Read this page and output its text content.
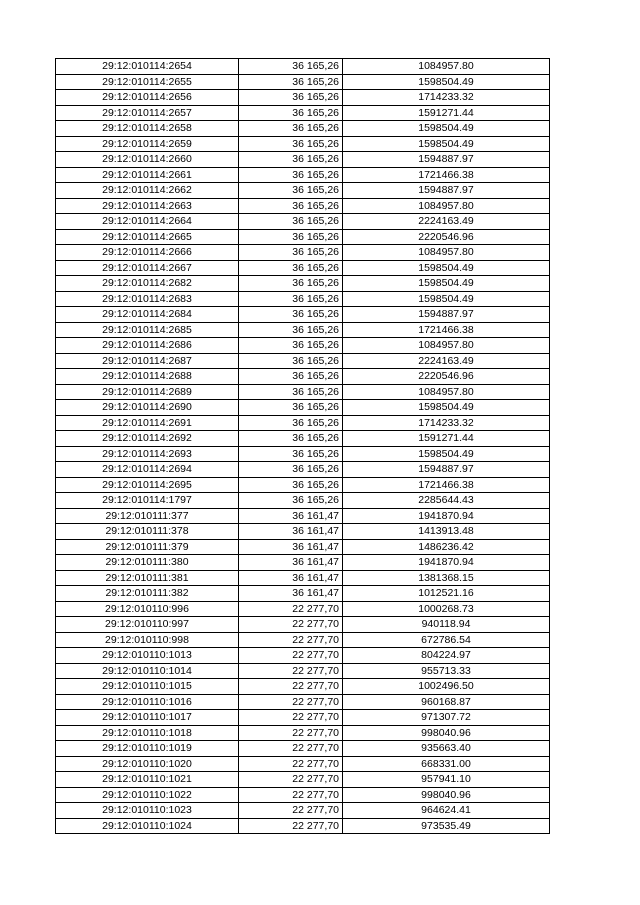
29:12:010114:2654	36 165,26	1084957.80
29:12:010114:2655	36 165,26	1598504.49
29:12:010114:2656	36 165,26	1714233.32
29:12:010114:2657	36 165,26	1591271.44
29:12:010114:2658	36 165,26	1598504.49
29:12:010114:2659	36 165,26	1598504.49
29:12:010114:2660	36 165,26	1594887.97
29:12:010114:2661	36 165,26	1721466.38
29:12:010114:2662	36 165,26	1594887.97
29:12:010114:2663	36 165,26	1084957.80
29:12:010114:2664	36 165,26	2224163.49
29:12:010114:2665	36 165,26	2220546.96
29:12:010114:2666	36 165,26	1084957.80
29:12:010114:2667	36 165,26	1598504.49
29:12:010114:2682	36 165,26	1598504.49
29:12:010114:2683	36 165,26	1598504.49
29:12:010114:2684	36 165,26	1594887.97
29:12:010114:2685	36 165,26	1721466.38
29:12:010114:2686	36 165,26	1084957.80
29:12:010114:2687	36 165,26	2224163.49
29:12:010114:2688	36 165,26	2220546.96
29:12:010114:2689	36 165,26	1084957.80
29:12:010114:2690	36 165,26	1598504.49
29:12:010114:2691	36 165,26	1714233.32
29:12:010114:2692	36 165,26	1591271.44
29:12:010114:2693	36 165,26	1598504.49
29:12:010114:2694	36 165,26	1594887.97
29:12:010114:2695	36 165,26	1721466.38
29:12:010114:1797	36 165,26	2285644.43
29:12:010111:377	36 161,47	1941870.94
29:12:010111:378	36 161,47	1413913.48
29:12:010111:379	36 161,47	1486236.42
29:12:010111:380	36 161,47	1941870.94
29:12:010111:381	36 161,47	1381368.15
29:12:010111:382	36 161,47	1012521.16
29:12:010110:996	22 277,70	1000268.73
29:12:010110:997	22 277,70	940118.94
29:12:010110:998	22 277,70	672786.54
29:12:010110:1013	22 277,70	804224.97
29:12:010110:1014	22 277,70	955713.33
29:12:010110:1015	22 277,70	1002496.50
29:12:010110:1016	22 277,70	960168.87
29:12:010110:1017	22 277,70	971307.72
29:12:010110:1018	22 277,70	998040.96
29:12:010110:1019	22 277,70	935663.40
29:12:010110:1020	22 277,70	668331.00
29:12:010110:1021	22 277,70	957941.10
29:12:010110:1022	22 277,70	998040.96
29:12:010110:1023	22 277,70	964624.41
29:12:010110:1024	22 277,70	973535.49
